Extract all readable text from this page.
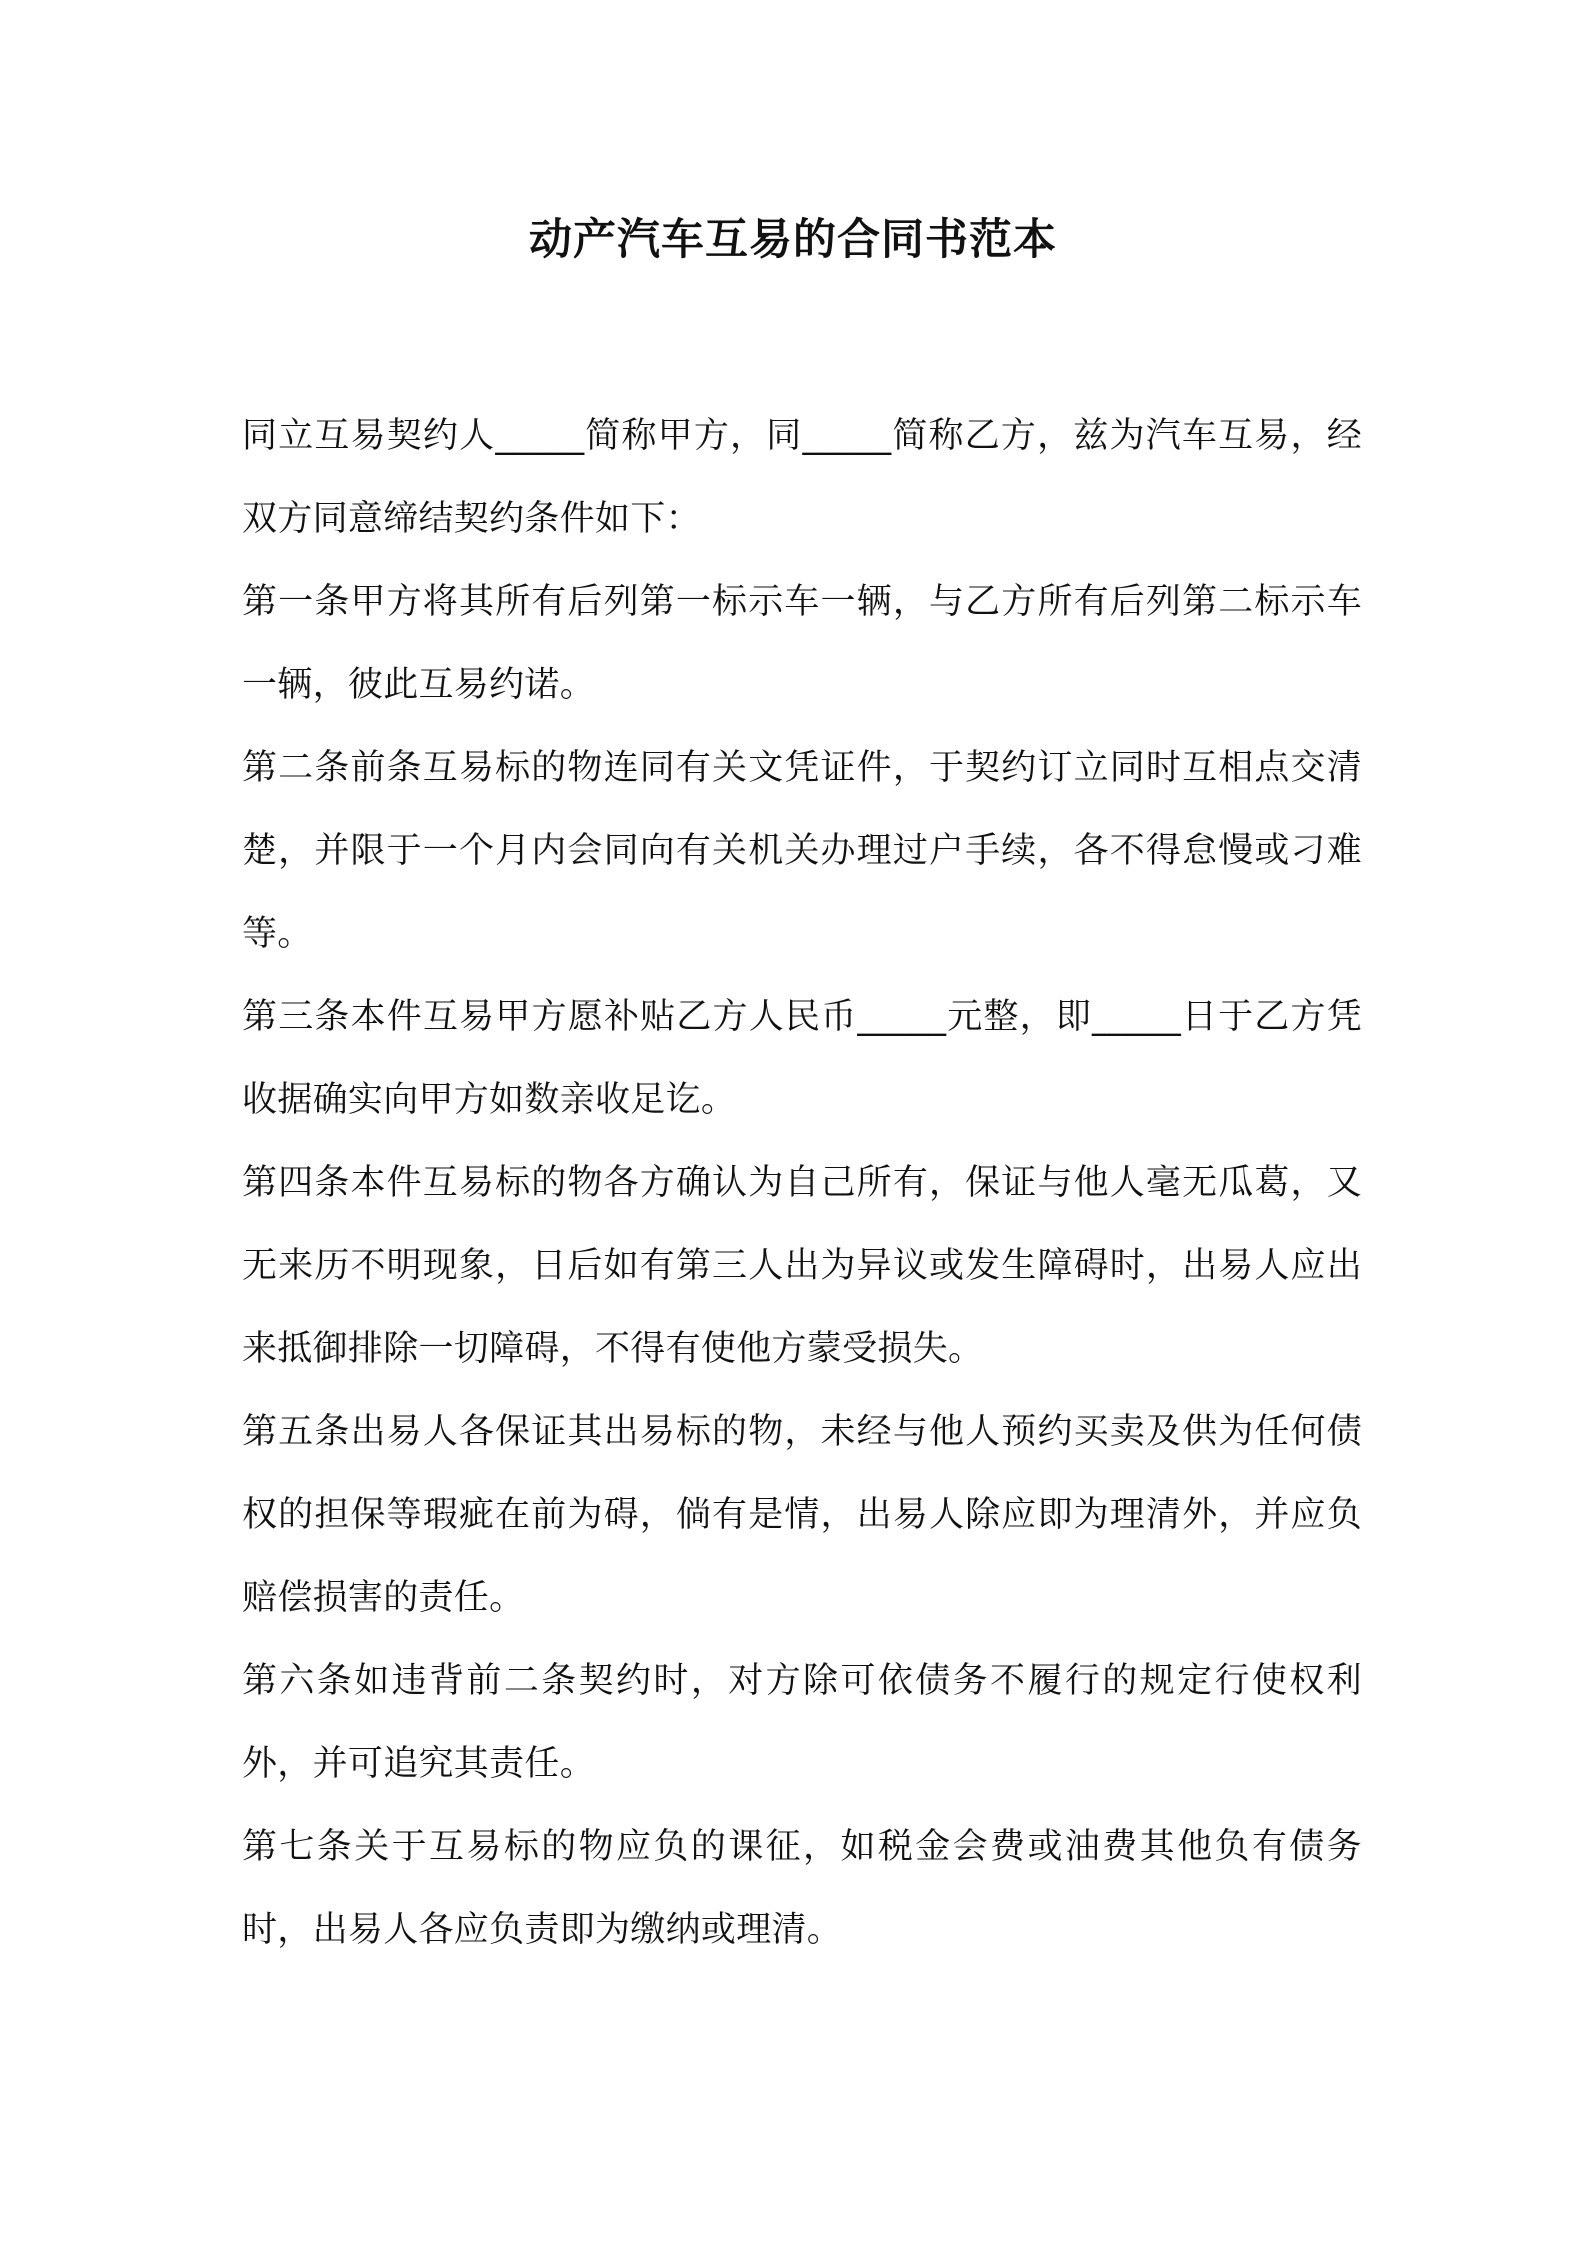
动产汽车互易的合同书范本

同立互易契约人_____简称甲方，同_____简称乙方，兹为汽车互易，经双方同意缔结契约条件如下：

第一条甲方将其所有后列第一标示车一辆，与乙方所有后列第二标示车一辆，彼此互易约诺。

第二条前条互易标的物连同有关文凭证件，于契约订立同时互相点交清楚，并限于一个月内会同向有关机关办理过户手续，各不得怠慢或刁难等。

第三条本件互易甲方愿补贴乙方人民币_____元整，即_____日于乙方凭收据确实向甲方如数亲收足讫。

第四条本件互易标的物各方确认为自己所有，保证与他人毫无瓜葛，又无来历不明现象，日后如有第三人出为异议或发生障碍时，出易人应出来抵御排除一切障碍，不得有使他方蒙受损失。

第五条出易人各保证其出易标的物，未经与他人预约买卖及供为任何债权的担保等瑕疵在前为碍，倘有是情，出易人除应即为理清外，并应负赔偿损害的责任。

第六条如违背前二条契约时，对方除可依债务不履行的规定行使权利外，并可追究其责任。

第七条关于互易标的物应负的课征，如税金会费或油费其他负有债务时，出易人各应负责即为缴纳或理清。
